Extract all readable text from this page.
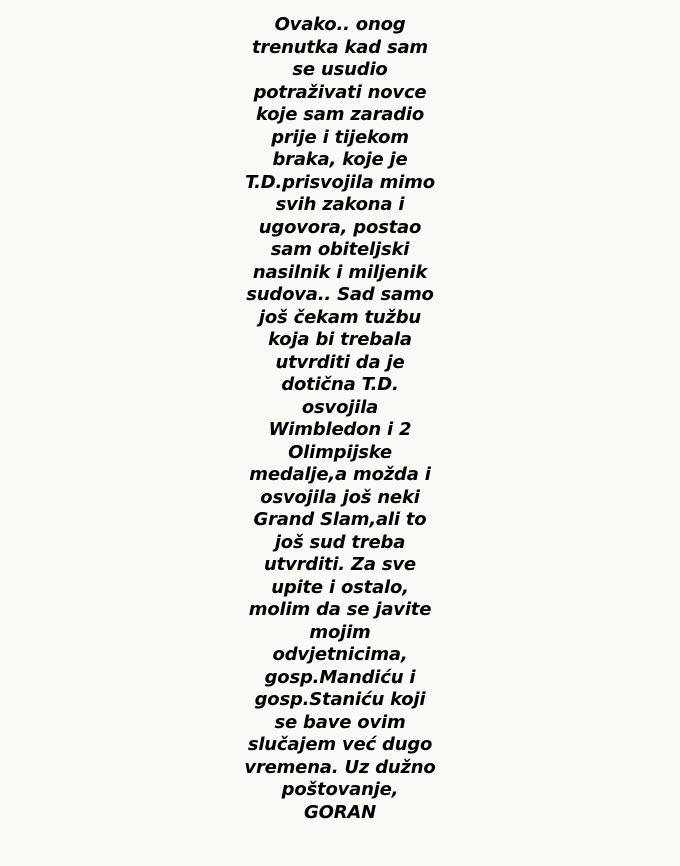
Ovako.. onog
trenutka kad sam
se usudio
potraživati novce
koje sam zaradio
prije i tijekom
braka, koje je
T.D.prisvojila mimo
svih zakona i
ugovora, postao
sam obiteljski
nasilnik i miljenik
sudova.. Sad samo
još čekam tužbu
koja bi trebala
utvrditi da je
dotična T.D.
osvojila
Wimbledon i 2
Olimpijske
medalje,a možda i
osvojila još neki
Grand Slam,ali to
još sud treba
utvrditi. Za sve
upite i ostalo,
molim da se javite
mojim
odvjetnicima,
gosp.Mandiću i
gosp.Staniću koji
se bave ovim
slučajem već dugo
vremena. Uz dužno
poštovanje,
GORAN
